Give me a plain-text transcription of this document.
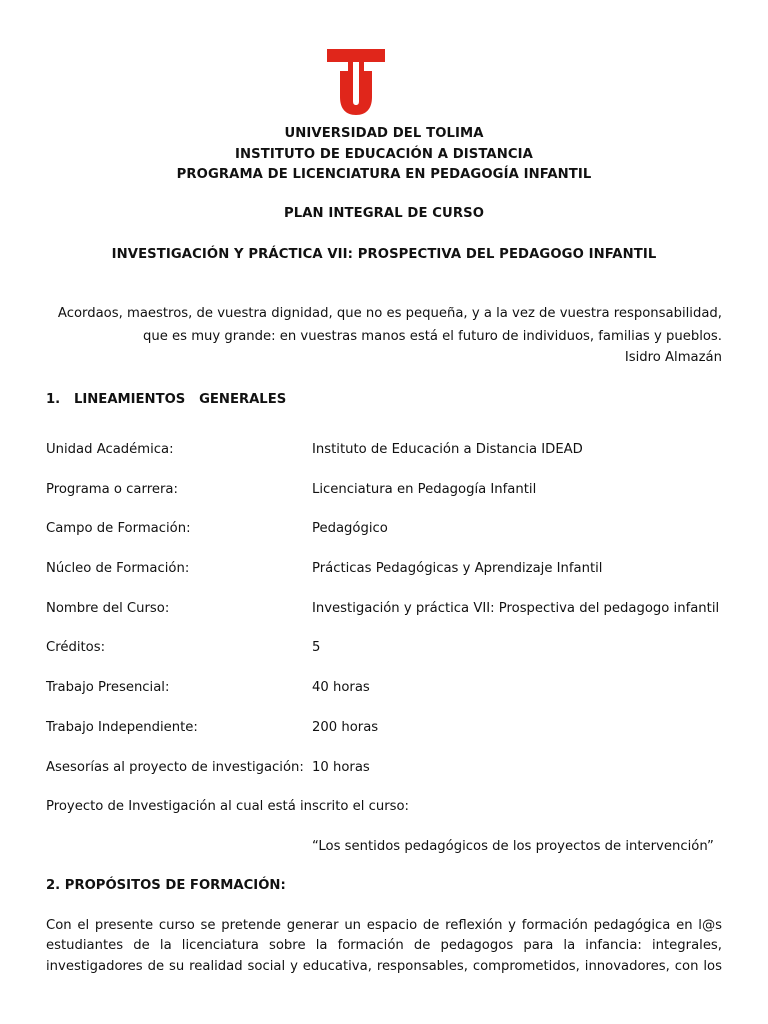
UNIVERSIDAD DEL TOLIMA
INSTITUTO DE EDUCACIÓN A DISTANCIA
PROGRAMA DE LICENCIATURA EN PEDAGOGÍA INFANTIL
PLAN INTEGRAL DE CURSO
INVESTIGACIÓN Y PRÁCTICA VII: PROSPECTIVA DEL PEDAGOGO INFANTIL
Acordaos, maestros, de vuestra dignidad, que no es pequeña, y a la vez de vuestra responsabilidad,
que es muy grande: en vuestras manos está el futuro de individuos, familias y pueblos.
Isidro Almazán
1.   LINEAMIENTOS   GENERALES
Unidad Académica:	Instituto de Educación a Distancia IDEAD
Programa o carrera:	Licenciatura en Pedagogía Infantil
Campo de Formación:	Pedagógico
Núcleo de Formación:	Prácticas Pedagógicas y Aprendizaje Infantil
Nombre del Curso:	Investigación y práctica VII: Prospectiva del pedagogo infantil
Créditos:	5
Trabajo Presencial:	40 horas
Trabajo Independiente:	200 horas
Asesorías al proyecto de investigación: 10 horas
Proyecto de Investigación al cual está inscrito el curso:
“Los sentidos pedagógicos de los proyectos de intervención”
2. PROPÓSITOS DE FORMACIÓN:
Con el presente curso se pretende generar un espacio de reflexión y formación pedagógica en l@s
estudiantes de la licenciatura sobre la formación de pedagogos para la infancia: integrales,
investigadores de su realidad social y educativa, responsables, comprometidos, innovadores, con los
